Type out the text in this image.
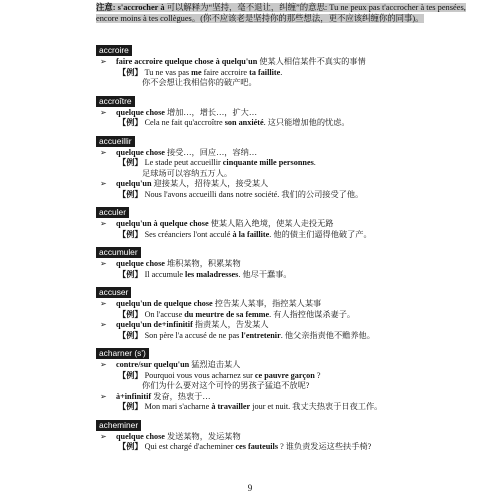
注意: s'accrocher à 可以解释为“坚持，毫不退让，纠缠”的意思: Tu ne peux pas t'accrocher à tes pensées, encore moins à tes collègues。(你不应该老是坚持你的那些想法，更不应该纠缠你的同事)。
accroire
➢ faire accroire quelque chose à quelqu'un 使某人相信某件不真实的事情
【例】 Tu ne vas pas me faire accroire ta faillite.
你不会想让我相信你的破产吧。
accroître
➢ quelque chose 增加…，增长…，扩大…
【例】 Cela ne fait qu'accroître son anxiété. 这只能增加他的忧虑。
accueillir
➢ quelque chose 接受…，回应…，容纳…
【例】 Le stade peut accueillir cinquante mille personnes.
足球场可以容纳五万人。
➢ quelqu'un 迎接某人，招待某人，接受某人
【例】 Nous l'avons accueilli dans notre société. 我们的公司接受了他。
acculer
➢ quelqu'un à quelque chose 使某人陷入绝境，使某人走投无路
【例】 Ses créanciers l'ont acculé à la faillite. 他的债主们逼得他破了产。
accumuler
➢ quelque chose 堆积某物，积累某物
【例】 Il accumule les maladresses. 他尽干蠢事。
accuser
➢ quelqu'un de quelque chose 控告某人某事，指控某人某事
【例】 On l'accuse du meurtre de sa femme. 有人指控他谋杀妻子。
➢ quelqu'un de+infinitif 指责某人，告发某人
【例】 Son père l'a accusé de ne pas l'entretenir. 他父亲指责他不赡养他。
acharner (s')
➢ contre/sur quelqu'un 猛烈追击某人
【例】 Pourquoi vous vous acharnez sur ce pauvre garçon ?
你们为什么要对这个可怜的男孩子猛追不放呢?
➢ à+infinitif 发奋，热衷于…
【例】 Mon mari s'acharne à travailler jour et nuit. 我丈夫热衷于日夜工作。
acheminer
➢ quelque chose 发送某物，发运某物
【例】 Qui est chargé d'acheminer ces fauteuils ? 谁负责发运这些扶手椅?
9
